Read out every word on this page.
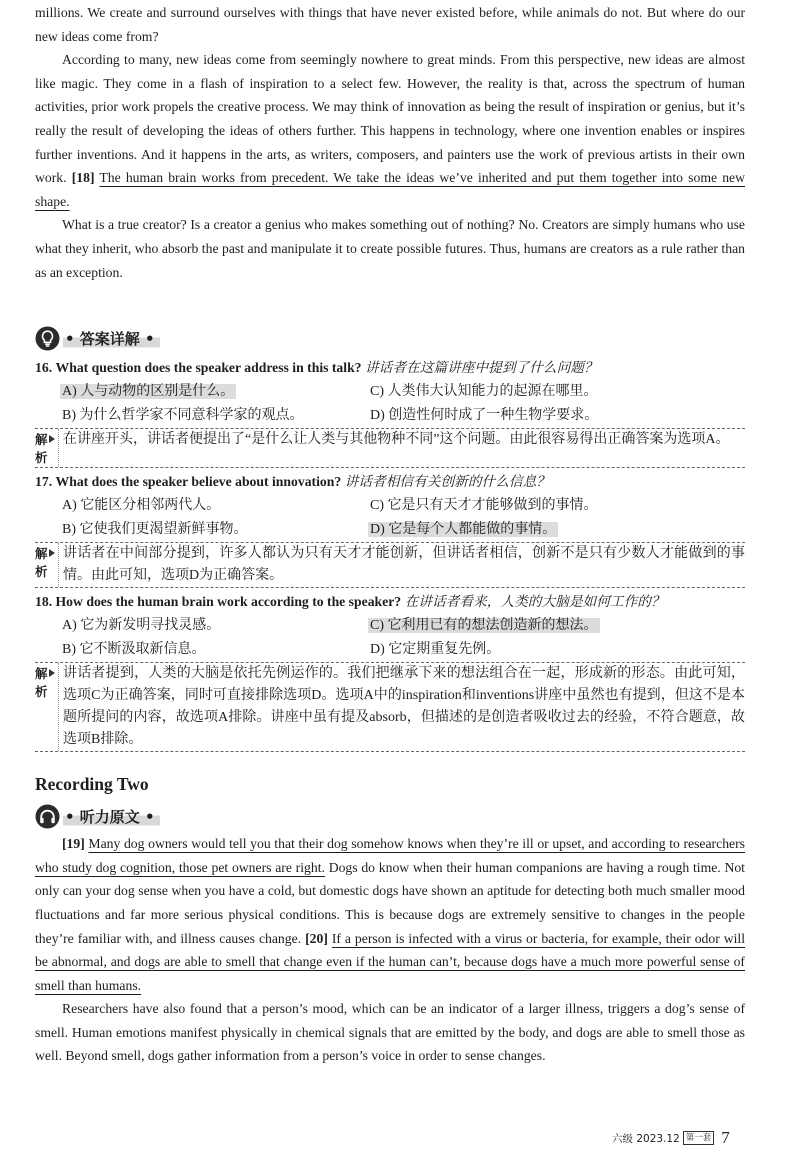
millions. We create and surround ourselves with things that have never existed before, while animals do not. But where do our new ideas come from?

According to many, new ideas come from seemingly nowhere to great minds. From this perspective, new ideas are almost like magic. They come in a flash of inspiration to a select few. However, the reality is that, across the spectrum of human activities, prior work propels the creative process. We may think of innovation as being the result of inspiration or genius, but it’s really the result of developing the ideas of others further. This happens in technology, where one invention enables or inspires further inventions. And it happens in the arts, as writers, composers, and painters use the work of previous artists in their own work. [18] The human brain works from precedent. We take the ideas we’ve inherited and put them together into some new shape.

What is a true creator? Is a creator a genius who makes something out of nothing? No. Creators are simply humans who use what they inherit, who absorb the past and manipulate it to create possible futures. Thus, humans are creators as a rule rather than as an exception.

• 答案详解 •
16. What question does the speaker address in this talk? 讲话者在这篇讲座中提到了什么问题？
A) 人与动物的区别是什么。	C) 人类伟大认知能力的起源在哪里。
B) 为什么哲学家不同意科学家的观点。	D) 创造性何时成了一种生物学要求。
解析
在讲座开头，讲话者便提出了“是什么让人类与其他物种不同”这个问题。由此很容易得出正确答案为选项A。
17. What does the speaker believe about innovation? 讲话者相信有关创新的什么信息？
A) 它能区分相邻两代人。	C) 它是只有天才才能够做到的事情。
B) 它使我们更渴望新鲜事物。	D) 它是每个人都能做的事情。
解析
讲话者在中间部分提到，许多人都认为只有天才才能创新，但讲话者相信，创新不是只有少数人才能做到的事情。由此可知，选项D为正确答案。
18. How does the human brain work according to the speaker? 在讲话者看来，人类的大脑是如何工作的？
A) 它为新发明寻找灵感。	C) 它利用已有的想法创造新的想法。
B) 它不断汲取新信息。	D) 它定期重复先例。
解析
讲话者提到，人类的大脑是依托先例运作的。我们把继承下来的想法组合在一起，形成新的形态。由此可知，选项C为正确答案，同时可直接排除选项D。选项A中的inspiration和inventions讲座中虽然也有提到，但这不是本题所提问的内容，故选项A排除。讲座中虽有提及absorb，但描述的是创造者吸收过去的经验，不符合题意，故选项B排除。
Recording Two
• 听力原文 •

[19] Many dog owners would tell you that their dog somehow knows when they’re ill or upset, and according to researchers who study dog cognition, those pet owners are right. Dogs do know when their human companions are having a rough time. Not only can your dog sense when you have a cold, but domestic dogs have shown an aptitude for detecting both much smaller mood fluctuations and far more serious physical conditions. This is because dogs are extremely sensitive to changes in the people they’re familiar with, and illness causes change. [20] If a person is infected with a virus or bacteria, for example, their odor will be abnormal, and dogs are able to smell that change even if the human can’t, because dogs have a much more powerful sense of smell than humans.

Researchers have also found that a person’s mood, which can be an indicator of a larger illness, triggers a dog’s sense of smell. Human emotions manifest physically in chemical signals that are emitted by the body, and dogs are able to smell those as well. Beyond smell, dogs gather information from a person’s voice in order to sense changes.

六级 2023.12 第一套 7
